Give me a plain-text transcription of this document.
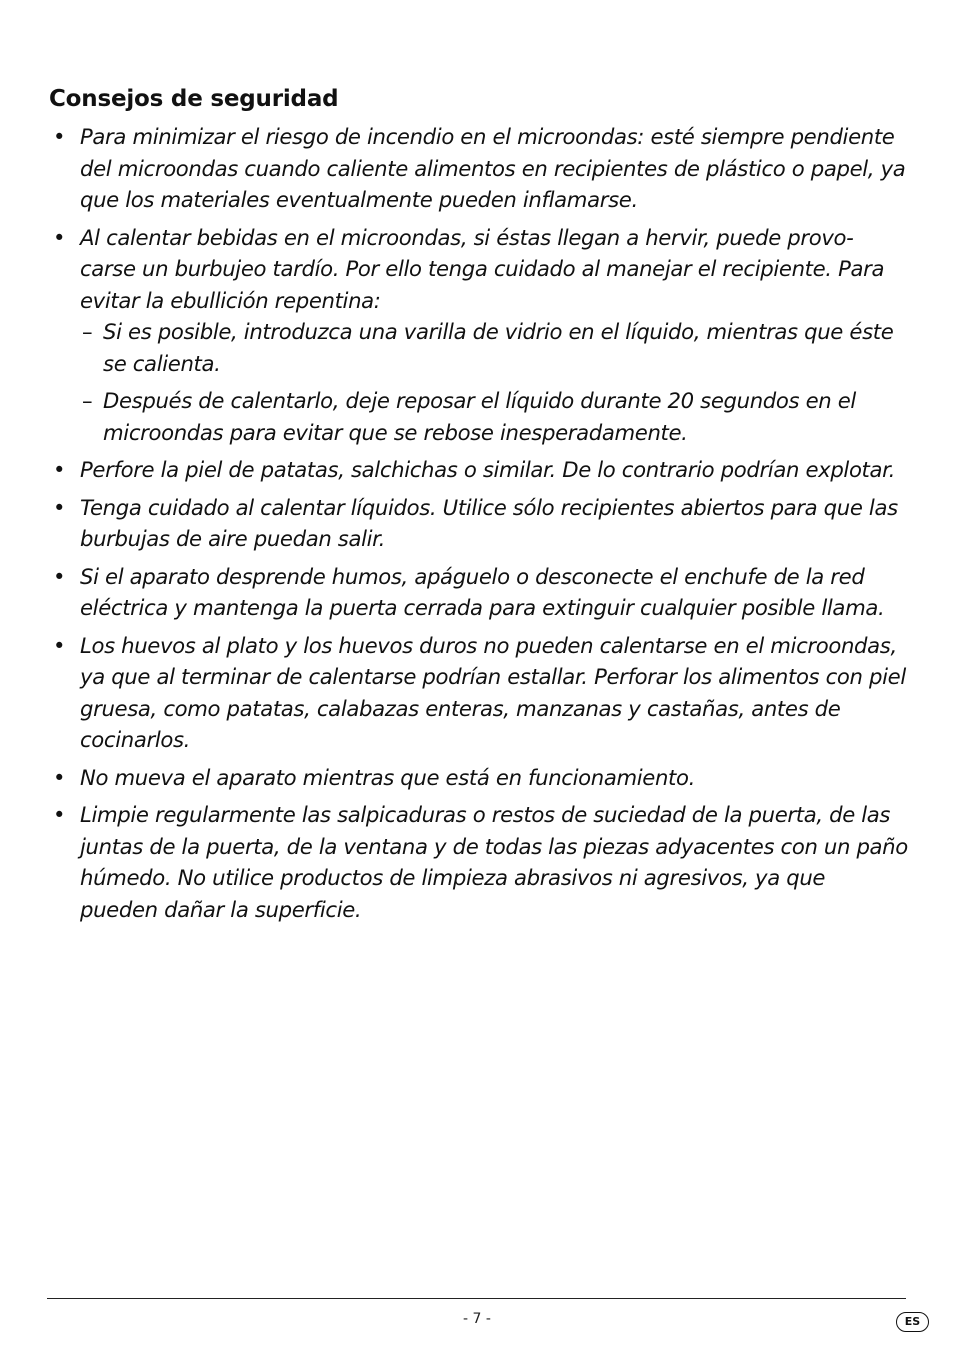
Consejos de seguridad
• Para minimizar el riesgo de incendio en el microondas: esté siempre pendiente del microondas cuando caliente alimentos en recipientes de plástico o papel, ya que los materiales eventualmente pueden inflamarse.
• Al calentar bebidas en el microondas, si éstas llegan a hervir, puede provo-carse un burbujeo tardío. Por ello tenga cuidado al manejar el recipiente. Para evitar la ebullición repentina:
– Si es posible, introduzca una varilla de vidrio en el líquido, mientras que éste se calienta.
– Después de calentarlo, deje reposar el líquido durante 20 segundos en el microondas para evitar que se rebose inesperadamente.
• Perfore la piel de patatas, salchichas o similar. De lo contrario podrían explotar.
• Tenga cuidado al calentar líquidos. Utilice sólo recipientes abiertos para que las burbujas de aire puedan salir.
• Si el aparato desprende humos, apáguelo o desconecte el enchufe de la red eléctrica y mantenga la puerta cerrada para extinguir cualquier posible llama.
• Los huevos al plato y los huevos duros no pueden calentarse en el microondas, ya que al terminar de calentarse podrían estallar. Perforar los alimentos con piel gruesa, como patatas, calabazas enteras, manzanas y castañas, antes de cocinarlos.
• No mueva el aparato mientras que está en funcionamiento.
• Limpie regularmente las salpicaduras o restos de suciedad de la puerta, de las juntas de la puerta, de la ventana y de todas las piezas adyacentes con un paño húmedo. No utilice productos de limpieza abrasivos ni agresivos, ya que pueden dañar la superficie.
- 7 -	ES
